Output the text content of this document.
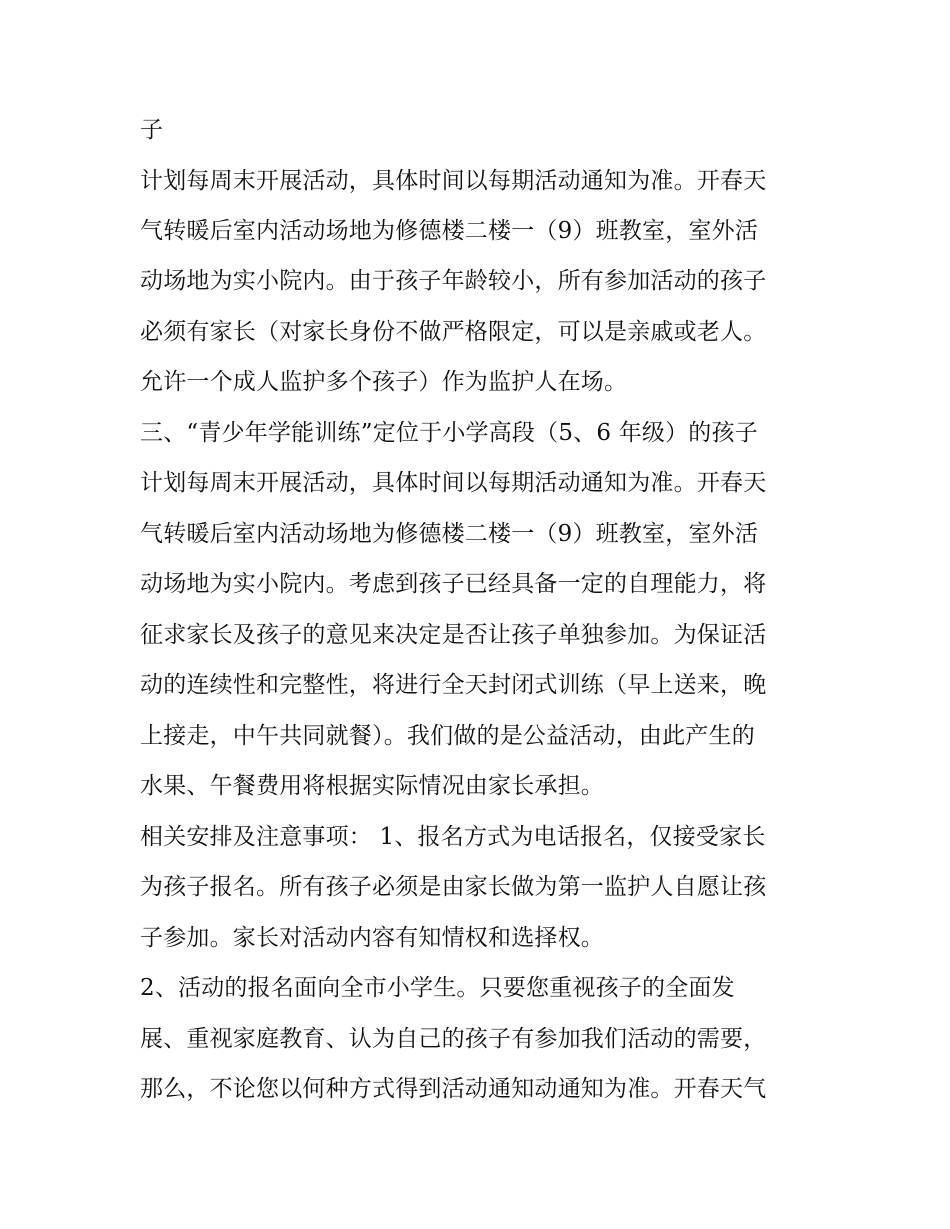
子
计划每周末开展活动，具体时间以每期活动通知为准。开春天
气转暖后室内活动场地为修德楼二楼一（9）班教室，室外活
动场地为实小院内。由于孩子年龄较小，所有参加活动的孩子
必须有家长（对家长身份不做严格限定，可以是亲戚或老人。
允许一个成人监护多个孩子）作为监护人在场。
三、“青少年学能训练”定位于小学高段（5、6 年级）的孩子
计划每周末开展活动，具体时间以每期活动通知为准。开春天
气转暖后室内活动场地为修德楼二楼一（9）班教室，室外活
动场地为实小院内。考虑到孩子已经具备一定的自理能力，将
征求家长及孩子的意见来决定是否让孩子单独参加。为保证活
动的连续性和完整性，将进行全天封闭式训练（早上送来，晚
上接走，中午共同就餐）。我们做的是公益活动，由此产生的
水果、午餐费用将根据实际情况由家长承担。
相关安排及注意事项： 1、报名方式为电话报名，仅接受家长
为孩子报名。所有孩子必须是由家长做为第一监护人自愿让孩
子参加。家长对活动内容有知情权和选择权。
2、活动的报名面向全市小学生。只要您重视孩子的全面发
展、重视家庭教育、认为自己的孩子有参加我们活动的需要，
那么，不论您以何种方式得到活动通知动通知为准。开春天气
